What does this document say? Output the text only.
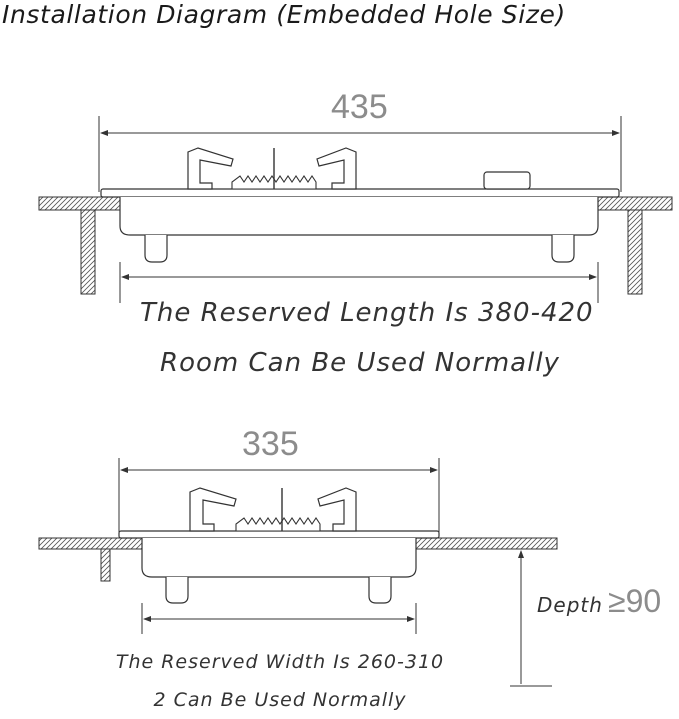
Installation Diagram (Embedded Hole Size)
435
The Reserved Length Is 380-420
Room Can Be Used Normally
335
The Reserved Width Is 260-310
2 Can Be Used Normally
Depth ≥90
